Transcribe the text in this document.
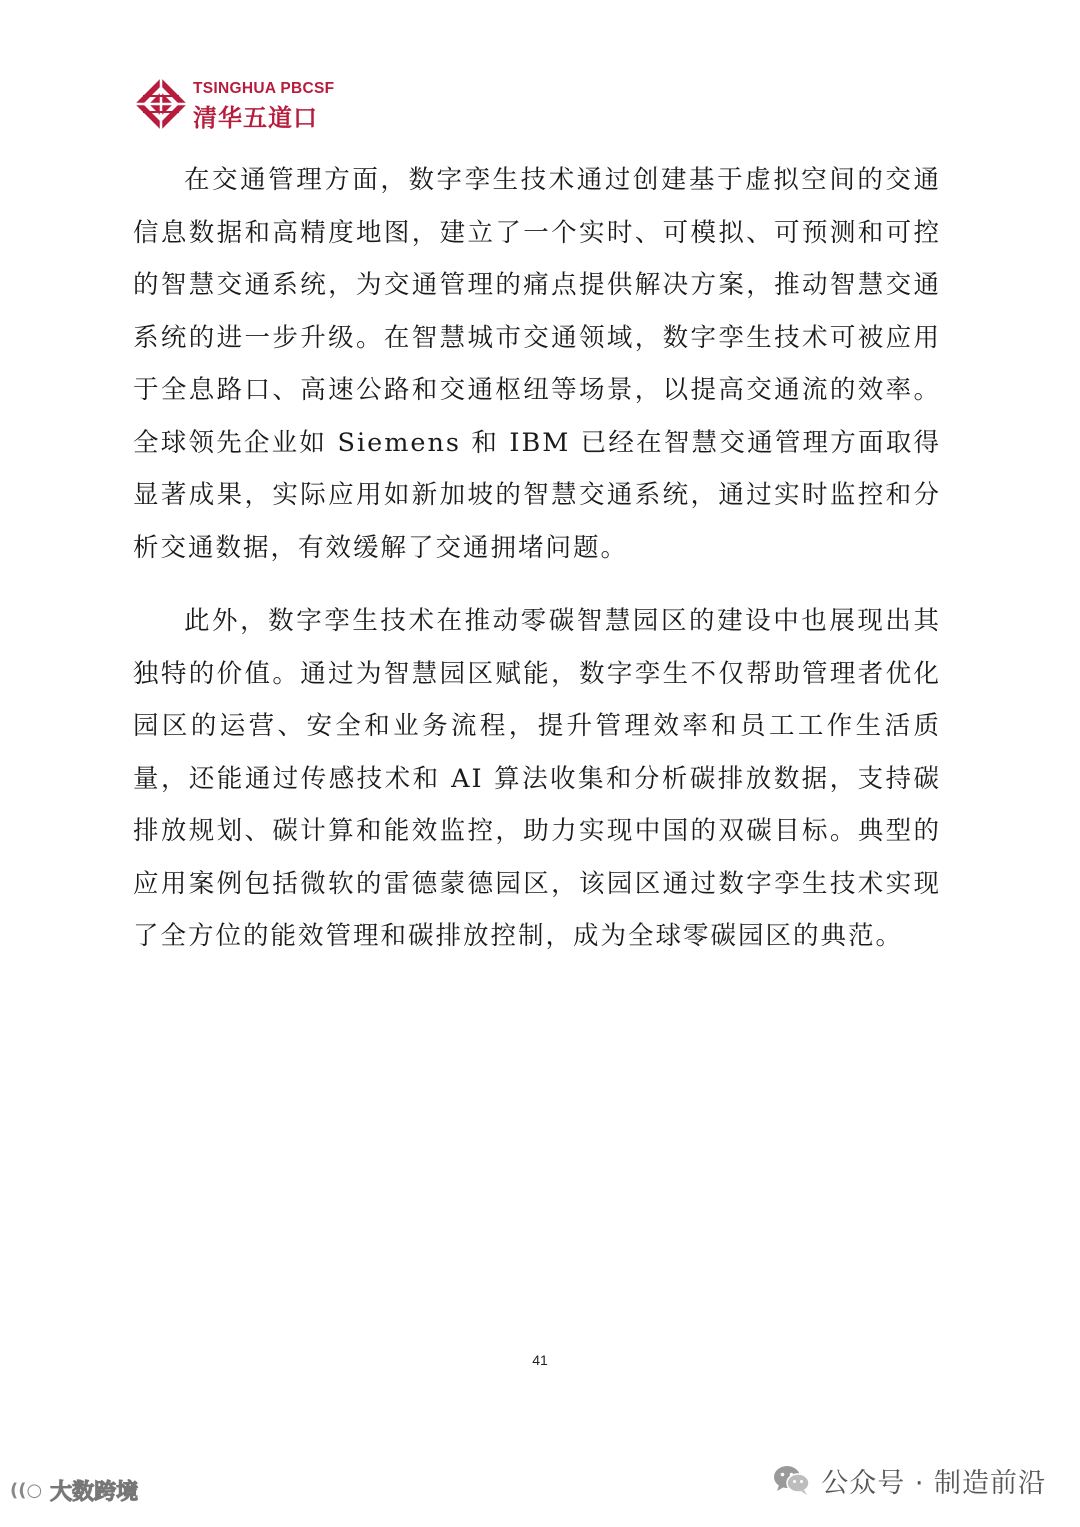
TSINGHUA PBCSF
清华五道口

在交通管理方面，数字孪生技术通过创建基于虚拟空间的交通信息数据和高精度地图，建立了一个实时、可模拟、可预测和可控的智慧交通系统，为交通管理的痛点提供解决方案，推动智慧交通系统的进一步升级。在智慧城市交通领域，数字孪生技术可被应用于全息路口、高速公路和交通枢纽等场景，以提高交通流的效率。全球领先企业如 Siemens 和 IBM 已经在智慧交通管理方面取得显著成果，实际应用如新加坡的智慧交通系统，通过实时监控和分析交通数据，有效缓解了交通拥堵问题。

此外，数字孪生技术在推动零碳智慧园区的建设中也展现出其独特的价值。通过为智慧园区赋能，数字孪生不仅帮助管理者优化园区的运营、安全和业务流程，提升管理效率和员工工作生活质量，还能通过传感技术和 AI 算法收集和分析碳排放数据，支持碳排放规划、碳计算和能效监控，助力实现中国的双碳目标。典型的应用案例包括微软的雷德蒙德园区，该园区通过数字孪生技术实现了全方位的能效管理和碳排放控制，成为全球零碳园区的典范。

41
((○ 大数跨境	公众号 · 制造前沿
